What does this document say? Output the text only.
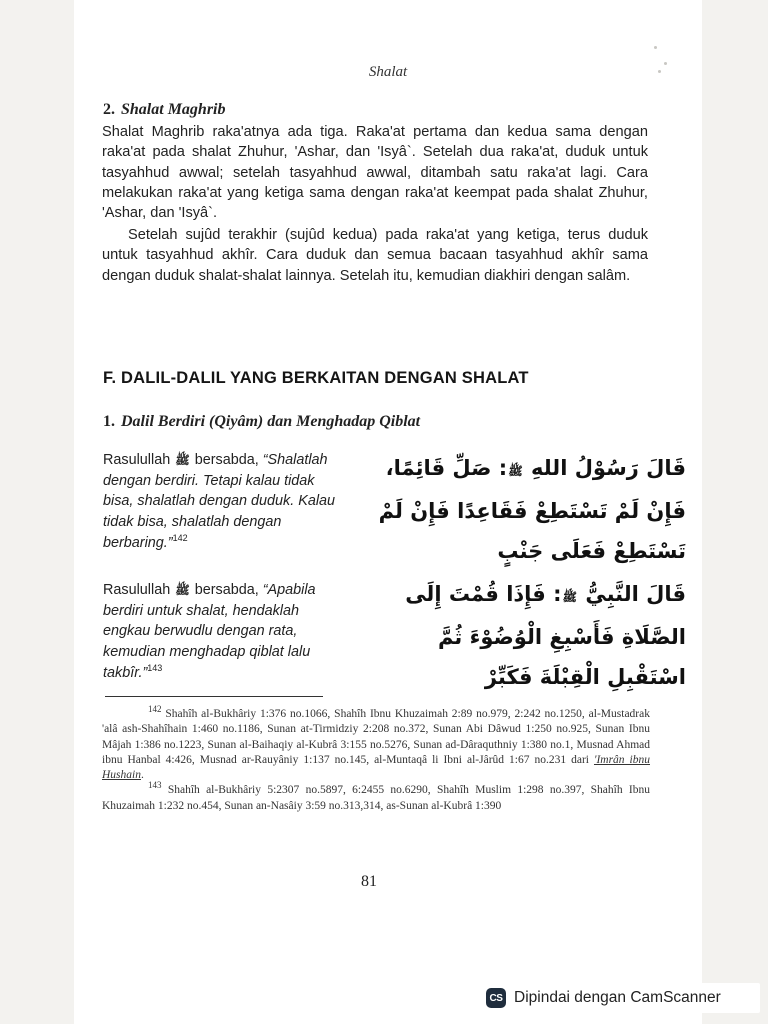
Shalat
2. Shalat Maghrib

Shalat Maghrib raka'atnya ada tiga. Raka'at pertama dan kedua sama dengan raka'at pada shalat Zhuhur, 'Ashar, dan 'Isyâ`. Setelah dua raka'at, duduk untuk tasyahhud awwal; setelah tasyahhud awwal, ditambah satu raka'at lagi. Cara melakukan raka'at yang ketiga sama dengan raka'at keempat pada shalat Zhuhur, 'Ashar, dan 'Isyâ`.

Setelah sujûd terakhir (sujûd kedua) pada raka'at yang ketiga, terus duduk untuk tasyahhud akhîr. Cara duduk dan semua bacaan tasyahhud akhîr sama dengan duduk shalat-shalat lainnya. Setelah itu, kemudian diakhiri dengan salâm.

F. DALIL-DALIL YANG BERKAITAN DENGAN SHALAT
1. Dalil Berdiri (Qiyâm) dan Menghadap Qiblat
Rasulullah ﷺ bersabda, “Shalatlah dengan berdiri. Tetapi kalau tidak bisa, shalatlah dengan duduk. Kalau tidak bisa, shalatlah dengan berbaring.”$^{142}$
قَالَ رَسُوْلُ اللهِ ﷺ: صَلِّ قَائِمًا، فَإِنْ لَمْ تَسْتَطِعْ فَقَاعِدًا فَإِنْ لَمْ تَسْتَطِعْ فَعَلَى جَنْبٍ
Rasulullah ﷺ bersabda, “Apabila berdiri untuk shalat, hendaklah engkau berwudlu dengan rata, kemudian menghadap qiblat lalu takbîr.”$^{143}$
قَالَ النَّبِيُّ ﷺ: فَإِذَا قُمْتَ إِلَى الصَّلَاةِ فَأَسْبِغِ الْوُضُوْءَ ثُمَّ اسْتَقْبِلِ الْقِبْلَةَ فَكَبِّرْ

$^{142}$ Shahîh al-Bukhâriy 1:376 no.1066, Shahîh Ibnu Khuzaimah 2:89 no.979, 2:242 no.1250, al-Mustadrak 'alâ ash-Shahîhain 1:460 no.1186, Sunan at-Tirmidziy 2:208 no.372, Sunan Abi Dâwud 1:250 no.925, Sunan Ibnu Mâjah 1:386 no.1223, Sunan al-Baihaqiy al-Kubrâ 3:155 no.5276, Sunan ad-Dâraquthniy 1:380 no.1, Musnad Ahmad ibnu Hanbal 4:426, Musnad ar-Rauyâniy 1:137 no.145, al-Muntaqâ li Ibni al-Jârûd 1:67 no.231 dari 'Imrân ibnu Hushain.

$^{143}$ Shahîh al-Bukhâriy 5:2307 no.5897, 6:2455 no.6290, Shahîh Muslim 1:298 no.397, Shahîh Ibnu Khuzaimah 1:232 no.454, Sunan an-Nasâiy 3:59 no.313,314, as-Sunan al-Kubrâ 1:390

81
CS Dipindai dengan CamScanner
